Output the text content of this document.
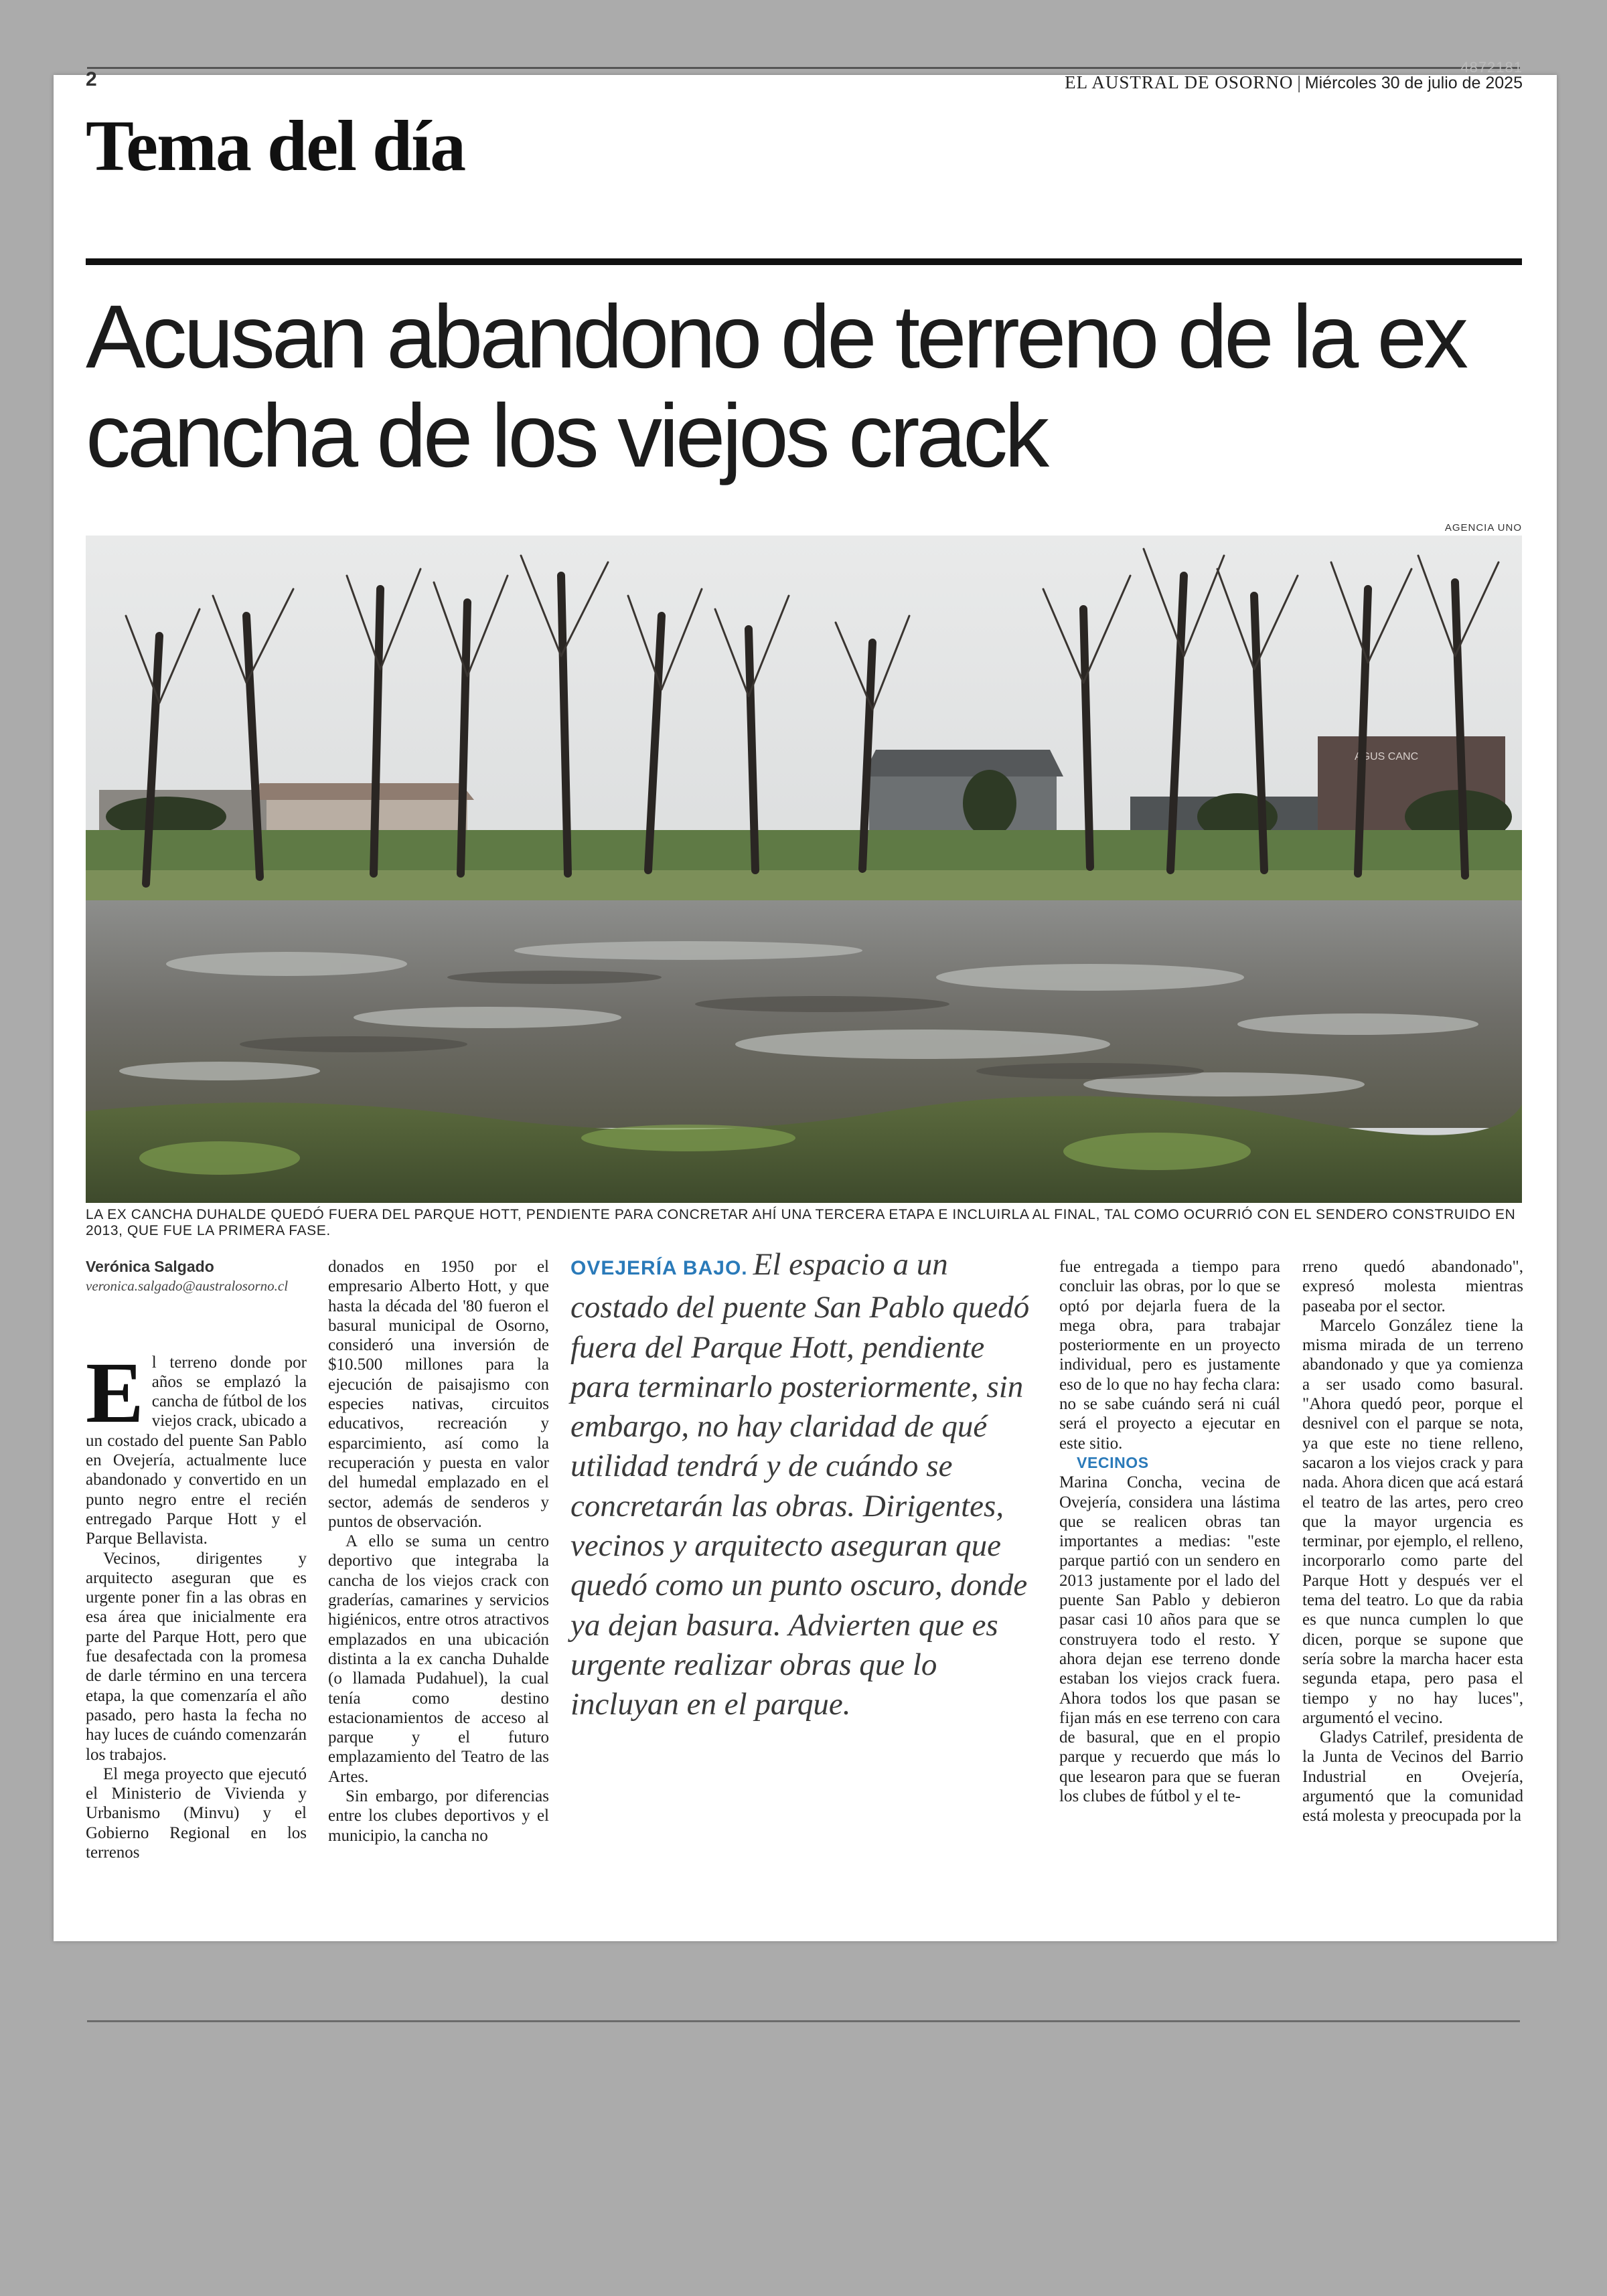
4872181
2	EL AUSTRAL DE OSORNO | Miércoles 30 de julio de 2025
Tema del día
Acusan abandono de terreno de la ex cancha de los viejos crack
AGENCIA UNO
AGUS CANC
LA EX CANCHA DUHALDE QUEDÓ FUERA DEL PARQUE HOTT, PENDIENTE PARA CONCRETAR AHÍ UNA TERCERA ETAPA E INCLUIRLA AL FINAL, TAL COMO OCURRIÓ CON EL SENDERO CONSTRUIDO EN 2013, QUE FUE LA PRIMERA FASE.
Verónica Salgado
veronica.salgado@australosorno.cl

El terreno donde por años se emplazó la cancha de fútbol de los viejos crack, ubicado a un costado del puente San Pablo en Ovejería, actualmente luce abandonado y convertido en un punto negro entre el recién entregado Parque Hott y el Parque Bellavista.

Vecinos, dirigentes y arquitecto aseguran que es urgente poner fin a las obras en esa área que inicialmente era parte del Parque Hott, pero que fue desafectada con la promesa de darle término en una tercera etapa, la que comenzaría el año pasado, pero hasta la fecha no hay luces de cuándo comenzarán los trabajos.

El mega proyecto que ejecutó el Ministerio de Vivienda y Urbanismo (Minvu) y el Gobierno Regional en los terrenos

donados en 1950 por el empresario Alberto Hott, y que hasta la década del '80 fueron el basural municipal de Osorno, consideró una inversión de $10.500 millones para la ejecución de paisajismo con especies nativas, circuitos educativos, recreación y esparcimiento, así como la recuperación y puesta en valor del humedal emplazado en el sector, además de senderos y puntos de observación.

A ello se suma un centro deportivo que integraba la cancha de los viejos crack con graderías, camarines y servicios higiénicos, entre otros atractivos emplazados en una ubicación distinta a la ex cancha Duhalde (o llamada Pudahuel), la cual tenía como destino estacionamientos de acceso al parque y el futuro emplazamiento del Teatro de las Artes.

Sin embargo, por diferencias entre los clubes deportivos y el municipio, la cancha no

OVEJERÍA BAJO. El espacio a un costado del puente San Pablo quedó fuera del Parque Hott, pendiente para terminarlo posteriormente, sin embargo, no hay claridad de qué utilidad tendrá y de cuándo se concretarán las obras. Dirigentes, vecinos y arquitecto aseguran que quedó como un punto oscuro, donde ya dejan basura. Advierten que es urgente realizar obras que lo incluyan en el parque.

fue entregada a tiempo para concluir las obras, por lo que se optó por dejarla fuera de la mega obra, para trabajar posteriormente en un proyecto individual, pero es justamente eso de lo que no hay fecha clara: no se sabe cuándo será ni cuál será el proyecto a ejecutar en este sitio.

VECINOS

Marina Concha, vecina de Ovejería, considera una lástima que se realicen obras tan importantes a medias: "este parque partió con un sendero en 2013 justamente por el lado del puente San Pablo y debieron pasar casi 10 años para que se construyera todo el resto. Y ahora dejan ese terreno donde estaban los viejos crack fuera. Ahora todos los que pasan se fijan más en ese terreno con cara de basural, que en el propio parque y recuerdo que más lo que lesearon para que se fueran los clubes de fútbol y el te-

rreno quedó abandonado", expresó molesta mientras paseaba por el sector.

Marcelo González tiene la misma mirada de un terreno abandonado y que ya comienza a ser usado como basural. "Ahora quedó peor, porque el desnivel con el parque se nota, ya que este no tiene relleno, sacaron a los viejos crack y para nada. Ahora dicen que acá estará el teatro de las artes, pero creo que la mayor urgencia es terminar, por ejemplo, el relleno, incorporarlo como parte del Parque Hott y después ver el tema del teatro. Lo que da rabia es que nunca cumplen lo que dicen, porque se supone que sería sobre la marcha hacer esta segunda etapa, pero pasa el tiempo y no hay luces", argumentó el vecino.

Gladys Catrilef, presidenta de la Junta de Vecinos del Barrio Industrial en Ovejería, argumentó que la comunidad está molesta y preocupada por la
